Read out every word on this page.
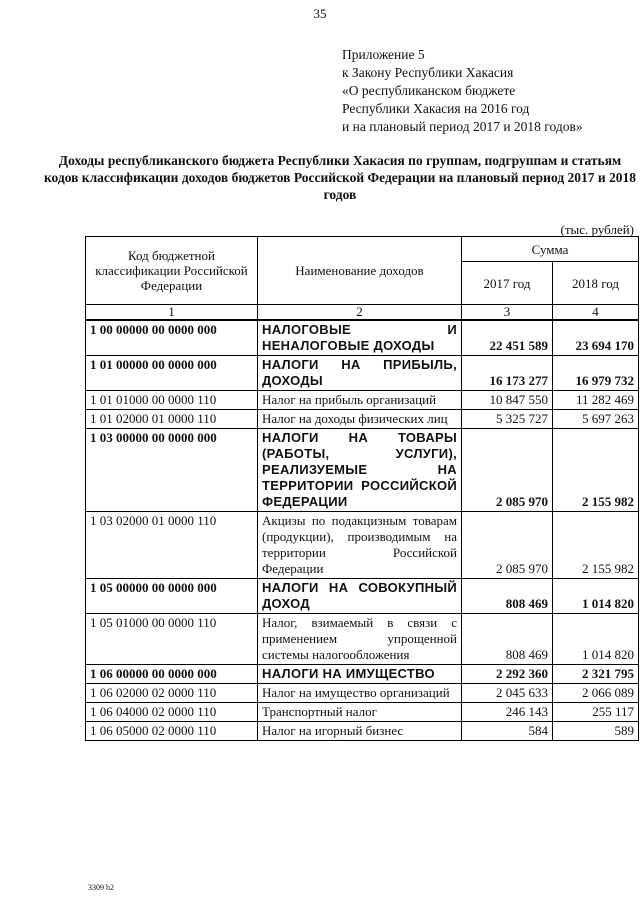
35
Приложение 5
к Закону Республики Хакасия
«О республиканском бюджете
Республики Хакасия на 2016 год
и на плановый период 2017 и 2018 годов»
Доходы республиканского бюджета Республики Хакасия по группам, подгруппам и статьям кодов классификации доходов бюджетов Российской Федерации на плановый период 2017 и 2018 годов
(тыс. рублей)
Код бюджетной классификации Российской Федерации	Наименование доходов	Сумма	
		2017 год	2018 год
1	2	3	4
1 00 00000 00 0000 000	НАЛОГОВЫЕ И НЕНАЛОГОВЫЕ ДОХОДЫ	22 451 589	23 694 170
1 01 00000 00 0000 000	НАЛОГИ НА ПРИБЫЛЬ, ДОХОДЫ	16 173 277	16 979 732
1 01 01000 00 0000 110	Налог на прибыль организаций	10 847 550	11 282 469
1 01 02000 01 0000 110	Налог на доходы физических лиц	5 325 727	5 697 263
1 03 00000 00 0000 000	НАЛОГИ НА ТОВАРЫ (РАБОТЫ, УСЛУГИ), РЕАЛИЗУЕМЫЕ НА ТЕРРИТОРИИ РОССИЙСКОЙ ФЕДЕРАЦИИ	2 085 970	2 155 982
1 03 02000 01 0000 110	Акцизы по подакцизным товарам (продукции), производимым на территории Российской Федерации	2 085 970	2 155 982
1 05 00000 00 0000 000	НАЛОГИ НА СОВОКУПНЫЙ ДОХОД	808 469	1 014 820
1 05 01000 00 0000 110	Налог, взимаемый в связи с применением упрощенной системы налогообложения	808 469	1 014 820
1 06 00000 00 0000 000	НАЛОГИ НА ИМУЩЕСТВО	2 292 360	2 321 795
1 06 02000 02 0000 110	Налог на имущество организаций	2 045 633	2 066 089
1 06 04000 02 0000 110	Транспортный налог	246 143	255 117
1 06 05000 02 0000 110	Налог на игорный бизнес	584	589
3309 b2
